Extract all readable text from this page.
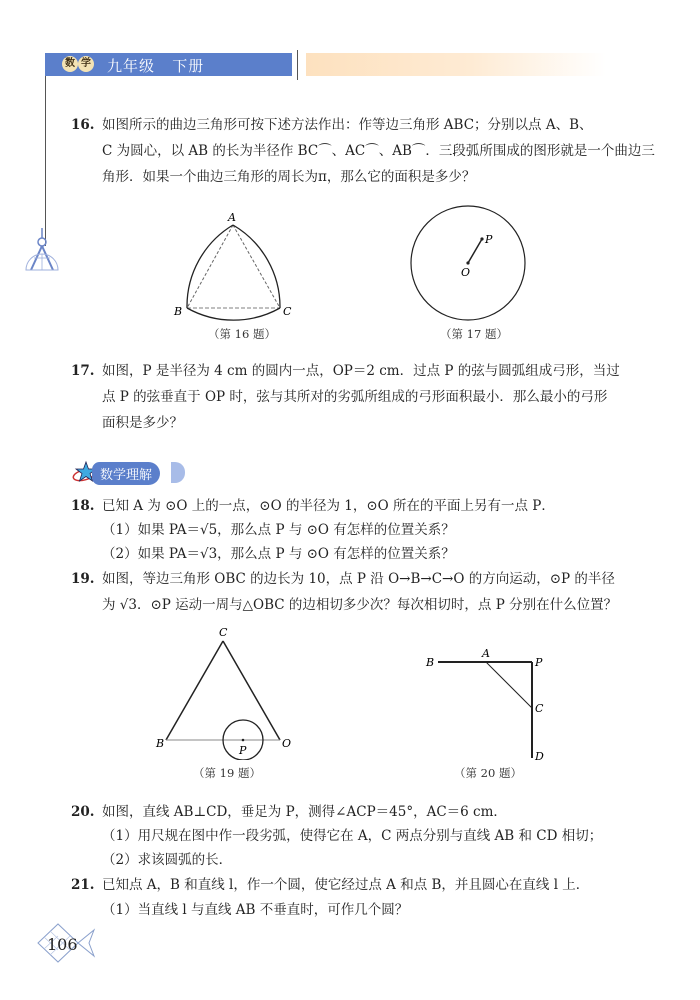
数 学 九年级   下册
16. 如图所示的曲边三角形可按下述方法作出：作等边三角形 ABC；分别以点 A、B、
C 为圆心，以 AB 的长为半径作 BC⌒、AC⌒、AB⌒．三段弧所围成的图形就是一个曲边三
角形．如果一个曲边三角形的周长为π，那么它的面积是多少？
A
B	C
（第 16 题）
O
P
（第 17 题）
17. 如图，P 是半径为 4 cm 的圆内一点，OP＝2 cm．过点 P 的弦与圆弧组成弓形，当过
点 P 的弦垂直于 OP 时，弦与其所对的劣弧所组成的弓形面积最小．那么最小的弓形
面积是多少？
数学理解
18. 已知 A 为 ⊙O 上的一点，⊙O 的半径为 1，⊙O 所在的平面上另有一点 P．
（1）如果 PA＝√5，那么点 P 与 ⊙O 有怎样的位置关系？
（2）如果 PA＝√3，那么点 P 与 ⊙O 有怎样的位置关系？
19. 如图，等边三角形 OBC 的边长为 10，点 P 沿 O→B→C→O 的方向运动，⊙P 的半径
为 √3．⊙P 运动一周与△OBC 的边相切多少次？每次相切时，点 P 分别在什么位置？
C
B	O
P
（第 19 题）
B
A
P
C
D
（第 20 题）
20. 如图，直线 AB⊥CD，垂足为 P，测得∠ACP＝45°，AC＝6 cm．
（1）用尺规在图中作一段劣弧，使得它在 A，C 两点分别与直线 AB 和 CD 相切；
（2）求该圆弧的长．
21. 已知点 A，B 和直线 l，作一个圆，使它经过点 A 和点 B，并且圆心在直线 l 上．
（1）当直线 l 与直线 AB 不垂直时，可作几个圆？
106
